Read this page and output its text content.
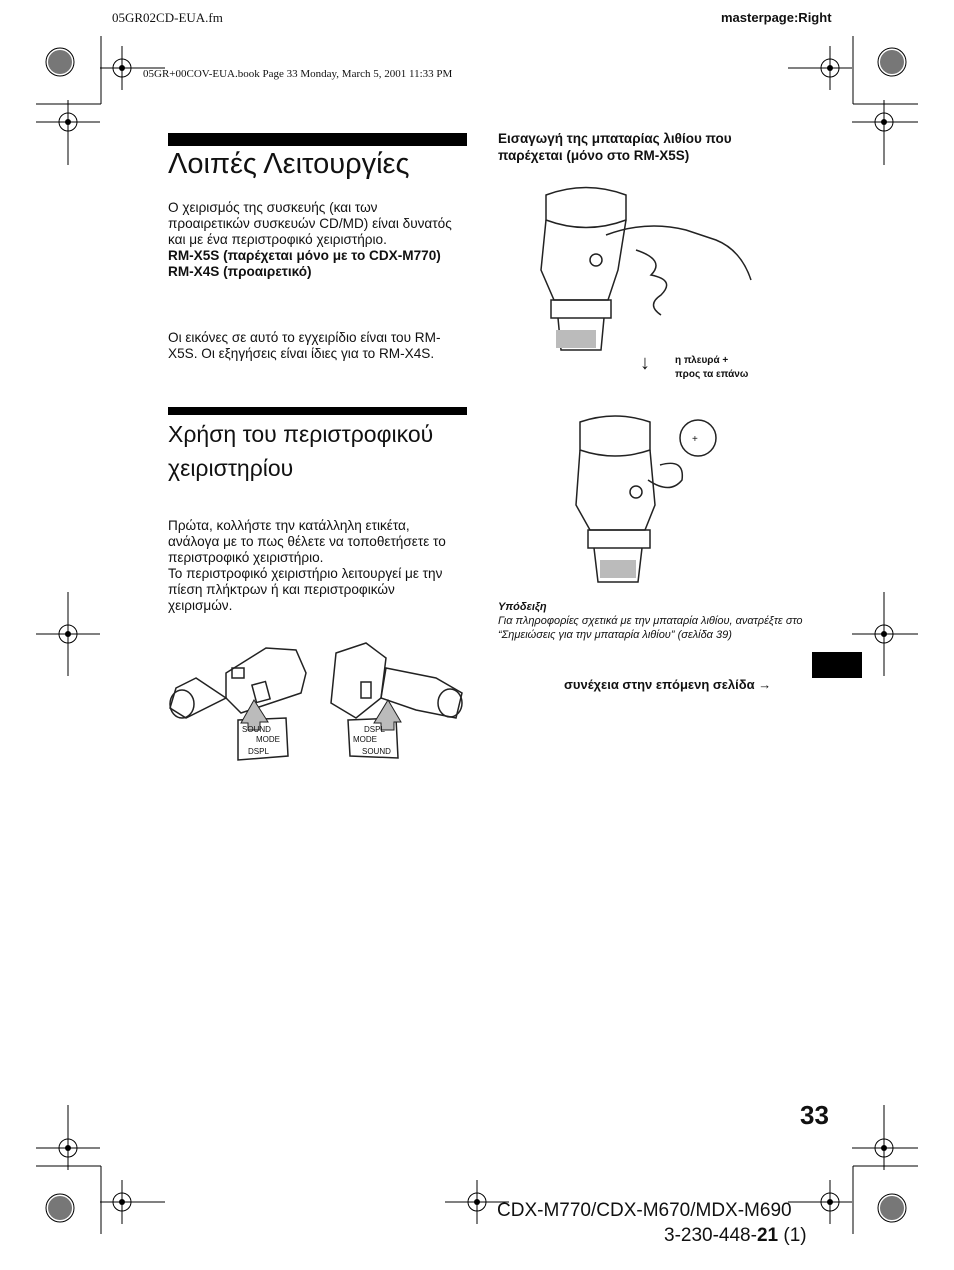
05GR02CD-EUA.fm	masterpage:Right
05GR+00COV-EUA.book Page 33 Monday, March 5, 2001 11:33 PM
Λοιπές Λειτουργίες

Ο χειρισμός της συσκευής (και των προαιρετικών συσκευών CD/MD) είναι δυνατός και με ένα περιστροφικό χειριστήριο.

RM-X5S (παρέχεται μόνο με το CDX-M770)

RM-X4S (προαιρετικό)

Οι εικόνες σε αυτό το εγχειρίδιο είναι του RM-X5S. Οι εξηγήσεις είναι ίδιες για το RM-X4S.
Χρήση του περιστροφικού χειριστηρίου

Πρώτα, κολλήστε την κατάλληλη ετικέτα, ανάλογα με το πως θέλετε να τοποθετήσετε το περιστροφικό χειριστήριο.

Το περιστροφικό χειριστήριο λειτουργεί με την πίεση πλήκτρων ή και περιστροφικών χειρισμών.

SOUND
MODE
DSPL
DSPL
MODE
SOUND
Εισαγωγή της μπαταρίας λιθίου που παρέχεται (μόνο στο RM-X5S)
↓	η πλευρά +
προς τα επάνω
+
Υπόδειξη
Για πληροφορίες σχετικά με την μπαταρία λιθίου, ανατρέξτε στο “Σημειώσεις για την μπαταρία λιθίου” (σελίδα 39)
συνέχεια στην επόμενη σελίδα →
33
CDX-M770/CDX-M670/MDX-M690
3-230-448-21 (1)
